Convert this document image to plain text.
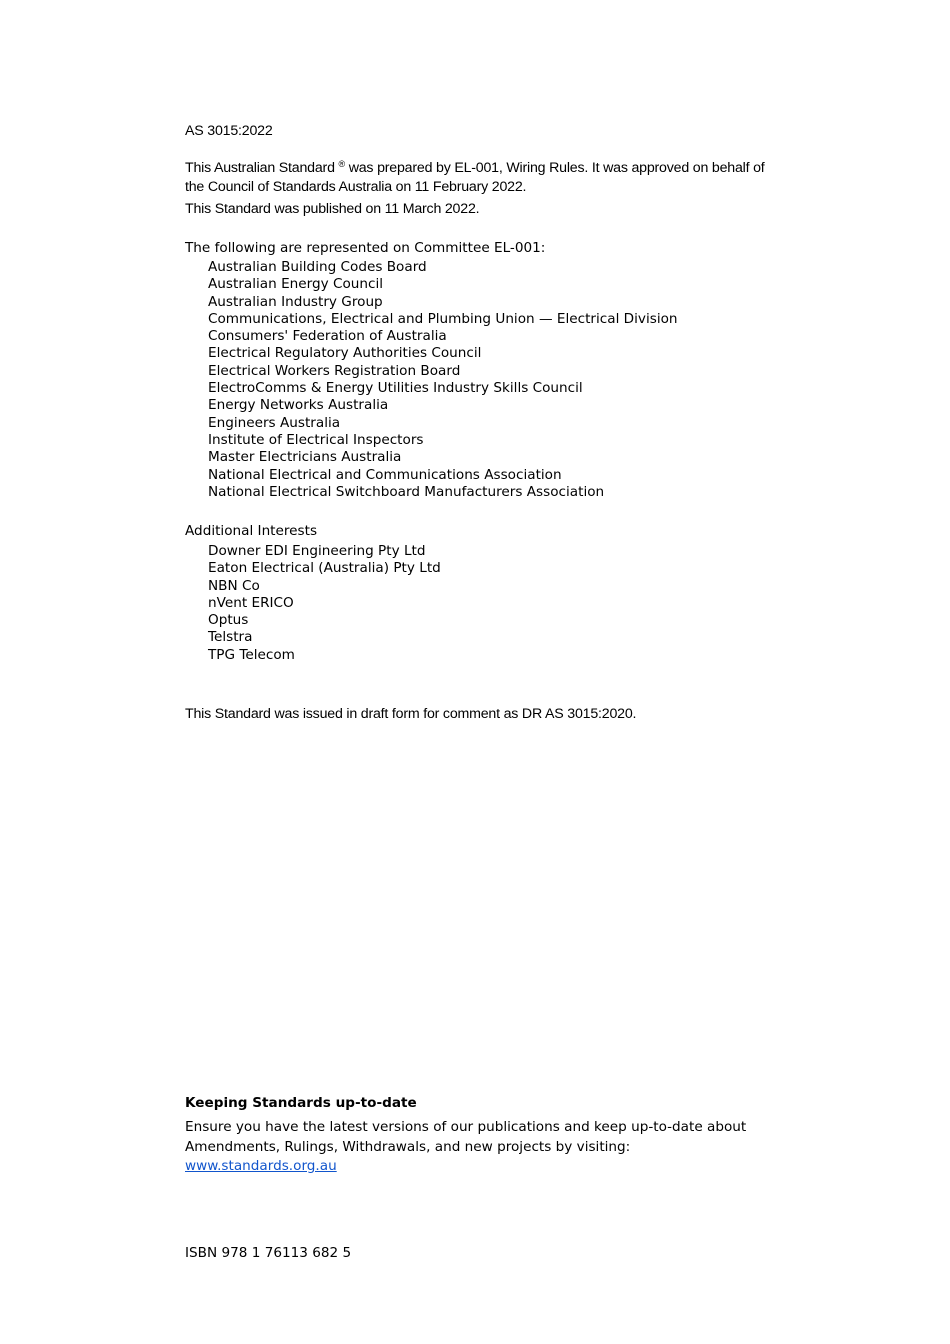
AS 3015:2022

This Australian Standard ® was prepared by EL-001, Wiring Rules. It was approved on behalf of the Council of Standards Australia on 11 February 2022.

This Standard was published on 11 March 2022.

The following are represented on Committee EL-001:

Australian Building Codes Board
Australian Energy Council
Australian Industry Group
Communications, Electrical and Plumbing Union — Electrical Division
Consumers' Federation of Australia
Electrical Regulatory Authorities Council
Electrical Workers Registration Board
ElectroComms & Energy Utilities Industry Skills Council
Energy Networks Australia
Engineers Australia
Institute of Electrical Inspectors
Master Electricians Australia
National Electrical and Communications Association
National Electrical Switchboard Manufacturers Association

Additional Interests

Downer EDI Engineering Pty Ltd
Eaton Electrical (Australia) Pty Ltd
NBN Co
nVent ERICO
Optus
Telstra
TPG Telecom

This Standard was issued in draft form for comment as DR AS 3015:2020.

Keeping Standards up-to-date

Ensure you have the latest versions of our publications and keep up-to-date about Amendments, Rulings, Withdrawals, and new projects by visiting:
www.standards.org.au

ISBN 978 1 76113 682 5
